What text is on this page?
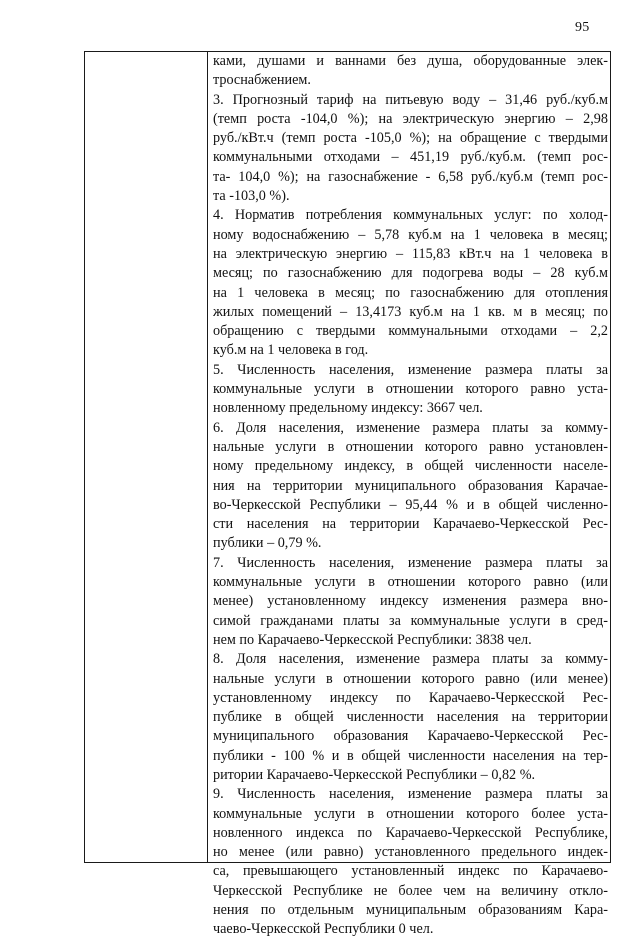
95
ками, душами и ваннами без душа, оборудованные элек-
троснабжением.
3. Прогнозный тариф на питьевую воду – 31,46 руб./куб.м
(темп роста -104,0 %); на электрическую энергию – 2,98
руб./кВт.ч (темп роста -105,0 %); на обращение с твердыми
коммунальными отходами – 451,19 руб./куб.м. (темп рос-
та- 104,0 %); на газоснабжение - 6,58 руб./куб.м (темп рос-
та -103,0 %).
4. Норматив потребления коммунальных услуг: по холод-
ному водоснабжению – 5,78 куб.м на 1 человека в месяц;
на электрическую энергию – 115,83 кВт.ч на 1 человека в
месяц; по газоснабжению для подогрева воды – 28 куб.м
на 1 человека в месяц; по газоснабжению для отопления
жилых помещений – 13,4173 куб.м на 1 кв. м в месяц; по
обращению с твердыми коммунальными отходами – 2,2
куб.м на 1 человека в год.
5. Численность населения, изменение размера платы за
коммунальные услуги в отношении которого равно уста-
новленному предельному индексу: 3667 чел.
6. Доля населения, изменение размера платы за комму-
нальные услуги в отношении которого равно установлен-
ному предельному индексу, в общей численности населе-
ния на территории муниципального образования Карачае-
во-Черкесской Республики – 95,44 % и в общей численно-
сти населения на территории Карачаево-Черкесской Рес-
публики – 0,79 %.
7. Численность населения, изменение размера платы за
коммунальные услуги в отношении которого равно (или
менее) установленному индексу изменения размера вно-
симой гражданами платы за коммунальные услуги в сред-
нем по Карачаево-Черкесской Республики: 3838 чел.
8. Доля населения, изменение размера платы за комму-
нальные услуги в отношении которого равно (или менее)
установленному индексу по Карачаево-Черкесской Рес-
публике в общей численности населения на территории
муниципального образования Карачаево-Черкесской Рес-
публики - 100 % и в общей численности населения на тер-
ритории Карачаево-Черкесской Республики – 0,82 %.
9. Численность населения, изменение размера платы за
коммунальные услуги в отношении которого более уста-
новленного индекса по Карачаево-Черкесской Республике,
но менее (или равно) установленного предельного индек-
са, превышающего установленный индекс по Карачаево-
Черкесской Республике не более чем на величину откло-
нения по отдельным муниципальным образованиям Кара-
чаево-Черкесской Республики 0 чел.
